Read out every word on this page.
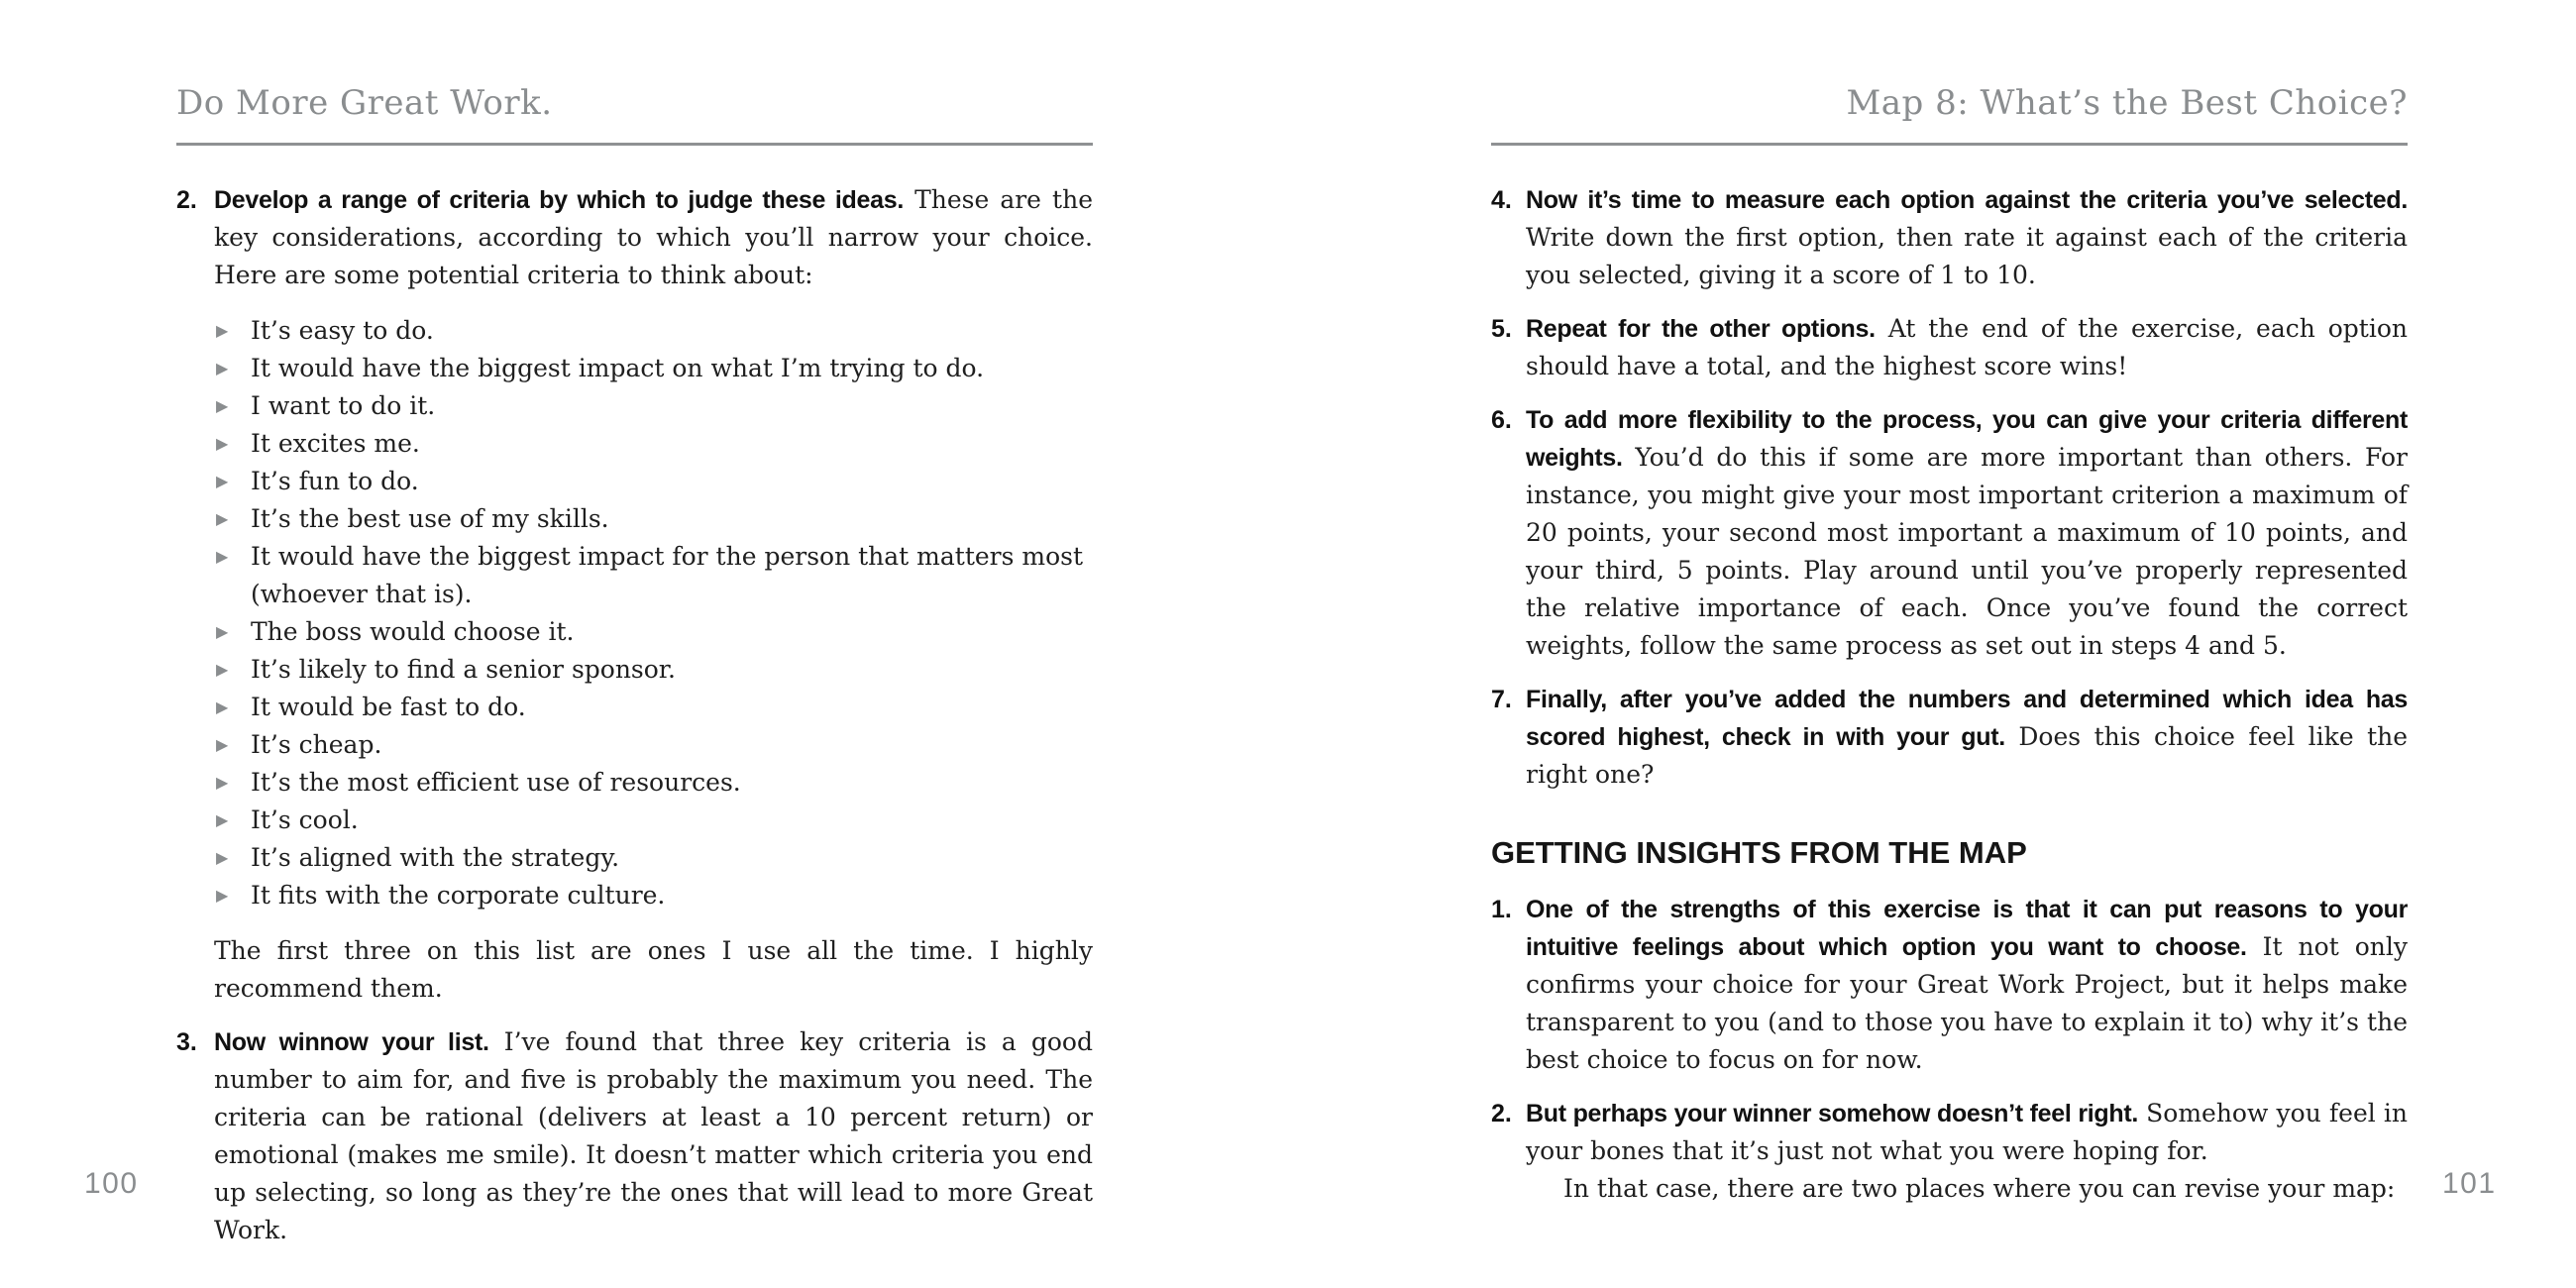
Do More Great Work.
2. Develop a range of criteria by which to judge these ideas. These are the key considerations, according to which you’ll narrow your choice. Here are some potential criteria to think about:

▶ It’s easy to do.
▶ It would have the biggest impact on what I’m trying to do.
▶ I want to do it.
▶ It excites me.
▶ It’s fun to do.
▶ It’s the best use of my skills.
▶ It would have the biggest impact for the person that matters most (whoever that is).
▶ The boss would choose it.
▶ It’s likely to find a senior sponsor.
▶ It would be fast to do.
▶ It’s cheap.
▶ It’s the most efficient use of resources.
▶ It’s cool.
▶ It’s aligned with the strategy.
▶ It fits with the corporate culture.

The first three on this list are ones I use all the time. I highly recommend them.

3. Now winnow your list. I’ve found that three key criteria is a good number to aim for, and five is probably the maximum you need. The criteria can be rational (delivers at least a 10 percent return) or emotional (makes me smile). It doesn’t matter which criteria you end up selecting, so long as they’re the ones that will lead to more Great Work.

Map 8: What’s the Best Choice?
4. Now it’s time to measure each option against the criteria you’ve selected. Write down the first option, then rate it against each of the criteria you selected, giving it a score of 1 to 10.

5. Repeat for the other options. At the end of the exercise, each option should have a total, and the highest score wins!

6. To add more flexibility to the process, you can give your criteria different weights. You’d do this if some are more important than others. For instance, you might give your most important criterion a maximum of 20 points, your second most important a maximum of 10 points, and your third, 5 points. Play around until you’ve properly represented the relative importance of each. Once you’ve found the correct weights, follow the same process as set out in steps 4 and 5.

7. Finally, after you’ve added the numbers and determined which idea has scored highest, check in with your gut. Does this choice feel like the right one?

GETTING INSIGHTS FROM THE MAP
1. One of the strengths of this exercise is that it can put reasons to your intuitive feelings about which option you want to choose. It not only confirms your choice for your Great Work Project, but it helps make transparent to you (and to those you have to explain it to) why it’s the best choice to focus on for now.

2. But perhaps your winner somehow doesn’t feel right. Somehow you feel in your bones that it’s just not what you were hoping for.

In that case, there are two places where you can revise your map:

100	101
